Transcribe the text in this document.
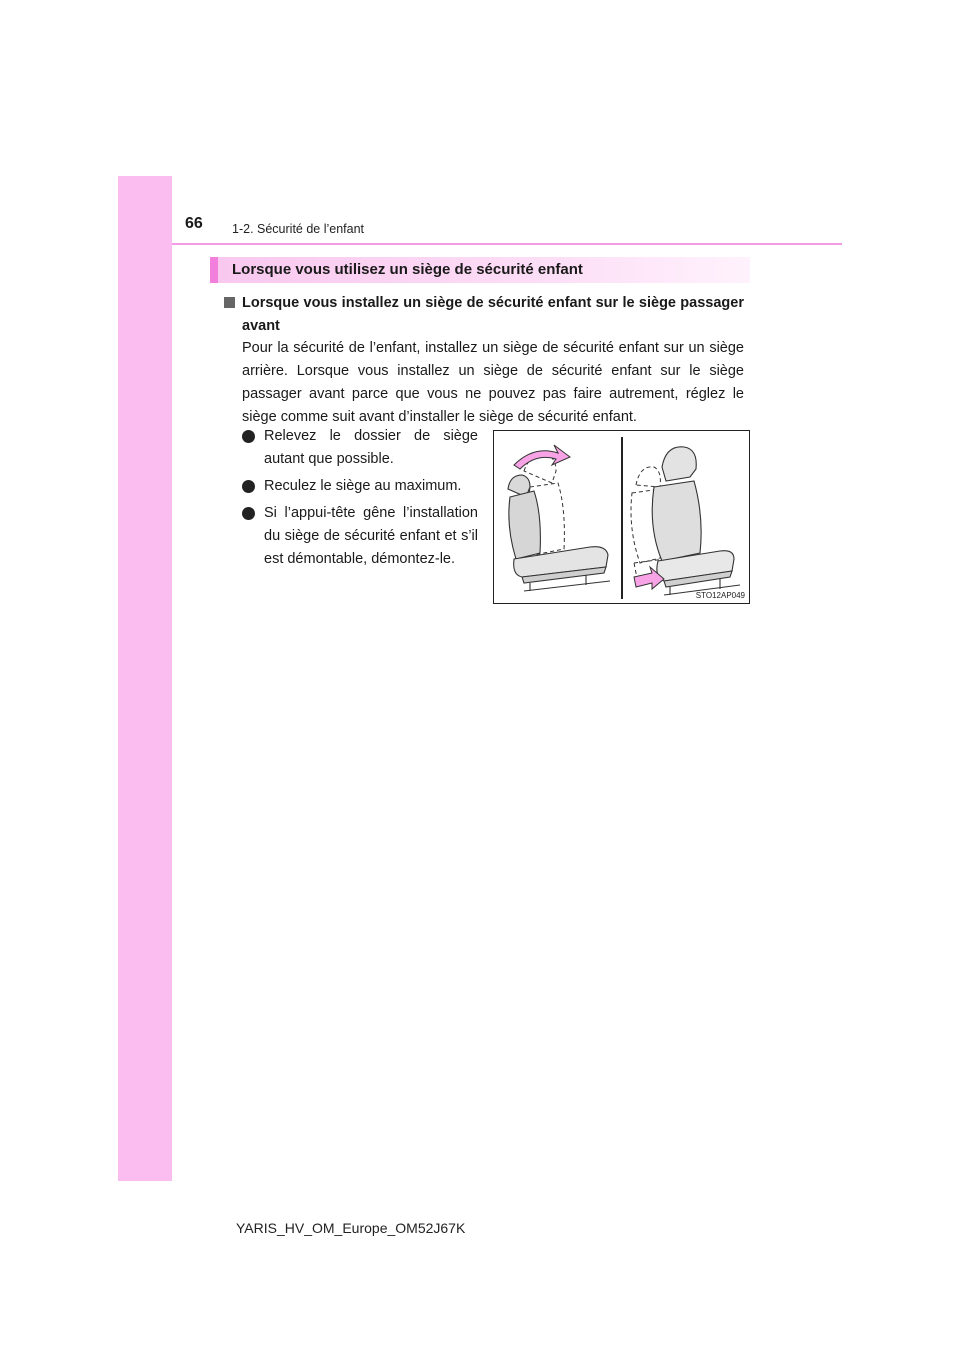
66 1-2. Sécurité de l’enfant
Lorsque vous utilisez un siège de sécurité enfant
Lorsque vous installez un siège de sécurité enfant sur le siège passager avant
Pour la sécurité de l’enfant, installez un siège de sécurité enfant sur un siège arrière. Lorsque vous installez un siège de sécurité enfant sur le siège passager avant parce que vous ne pouvez pas faire autrement, réglez le siège comme suit avant d’installer le siège de sécurité enfant.
Relevez le dossier de siège autant que possible.
Reculez le siège au maximum.
Si l’appui-tête gêne l’installation du siège de sécurité enfant et s’il est démontable, démontez-le.
STO12AP049
YARIS_HV_OM_Europe_OM52J67K
